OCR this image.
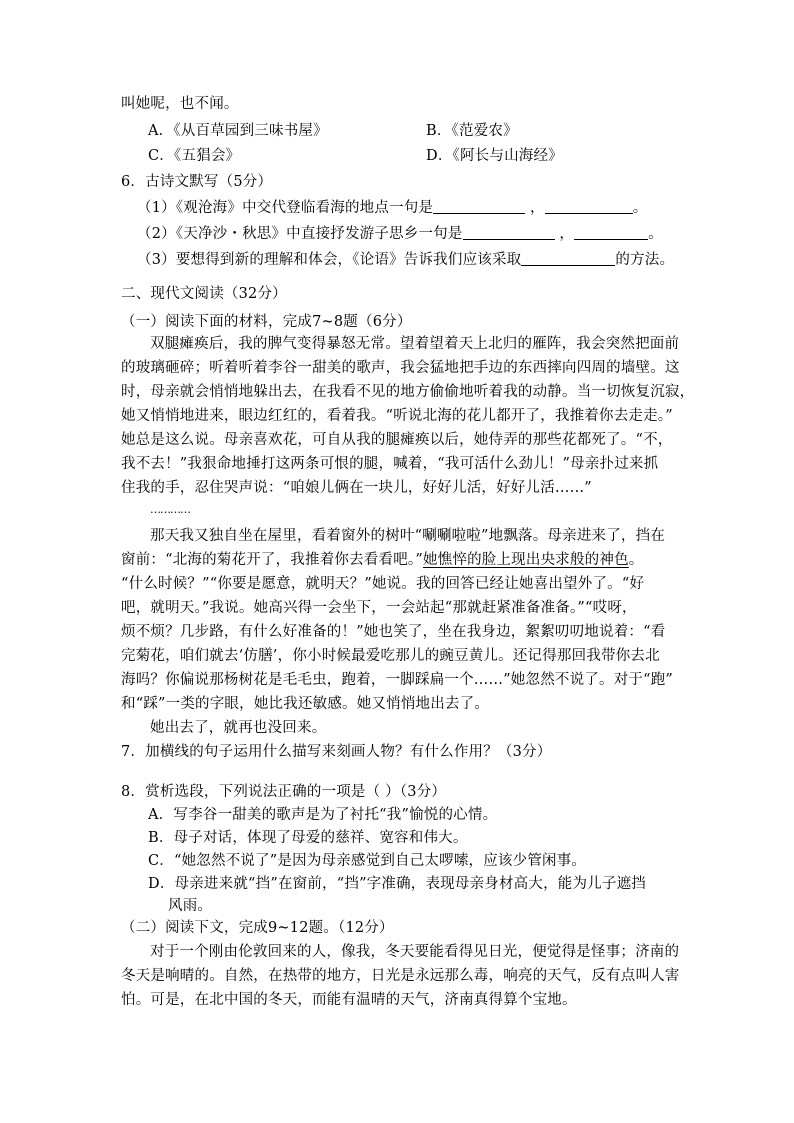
叫她呢，也不闻。
A．《从百草园到三味书屋》	B．《范爱农》
C．《五猖会》	D．《阿长与山海经》
6．古诗文默写（5分）
（1）《观沧海》中交代登临看海的地点一句是	，	。
（2）《天净沙・秋思》中直接抒发游子思乡一句是	，	。
（3）要想得到新的理解和体会，《论语》告诉我们应该采取	的方法。
二、现代文阅读（32分）
（一）阅读下面的材料，完成7~8题（6分）
双腿瘫痪后，我的脾气变得暴怒无常。望着望着天上北归的雁阵，我会突然把面前
的玻璃砸碎；听着听着李谷一甜美的歌声，我会猛地把手边的东西摔向四周的墙壁。这
时，母亲就会悄悄地躲出去，在我看不见的地方偷偷地听着我的动静。当一切恢复沉寂，
她又悄悄地进来，眼边红红的，看着我。“听说北海的花儿都开了，我推着你去走走。”
她总是这么说。母亲喜欢花，可自从我的腿瘫痪以后，她侍弄的那些花都死了。“不，
我不去！”我狠命地捶打这两条可恨的腿，喊着，“我可活什么劲儿！”母亲扑过来抓
住我的手，忍住哭声说：“咱娘儿俩在一块儿，好好儿活，好好儿活……”
…………
那天我又独自坐在屋里，看着窗外的树叶“唰唰啦啦”地飘落。母亲进来了，挡在
窗前：“北海的菊花开了，我推着你去看看吧。”她憔悴的脸上现出央求般的神色。
“什么时候？”“你要是愿意，就明天？”她说。我的回答已经让她喜出望外了。“好
吧，就明天。”我说。她高兴得一会坐下，一会站起“那就赶紧准备准备。”“哎呀，
烦不烦？几步路，有什么好准备的！”她也笑了，坐在我身边，絮絮叨叨地说着：“看
完菊花，咱们就去‘仿膳’，你小时候最爱吃那儿的豌豆黄儿。还记得那回我带你去北
海吗？你偏说那杨树花是毛毛虫，跑着，一脚踩扁一个……”她忽然不说了。对于“跑”
和“踩”一类的字眼，她比我还敏感。她又悄悄地出去了。
她出去了，就再也没回来。
7．加横线的句子运用什么描写来刻画人物？有什么作用？（3分）
8．赏析选段，下列说法正确的一项是（ ）（3分）
A．写李谷一甜美的歌声是为了衬托“我”愉悦的心情。
B．母子对话，体现了母爱的慈祥、宽容和伟大。
C．“她忽然不说了”是因为母亲感觉到自己太啰嗦，应该少管闲事。
D．母亲进来就“挡”在窗前，“挡”字准确，表现母亲身材高大，能为儿子遮挡
风雨。
（二）阅读下文，完成9~12题。（12分）
对于一个刚由伦敦回来的人，像我，冬天要能看得见日光，便觉得是怪事；济南的
冬天是响晴的。自然，在热带的地方，日光是永远那么毒，响亮的天气，反有点叫人害
怕。可是，在北中国的冬天，而能有温晴的天气，济南真得算个宝地。
